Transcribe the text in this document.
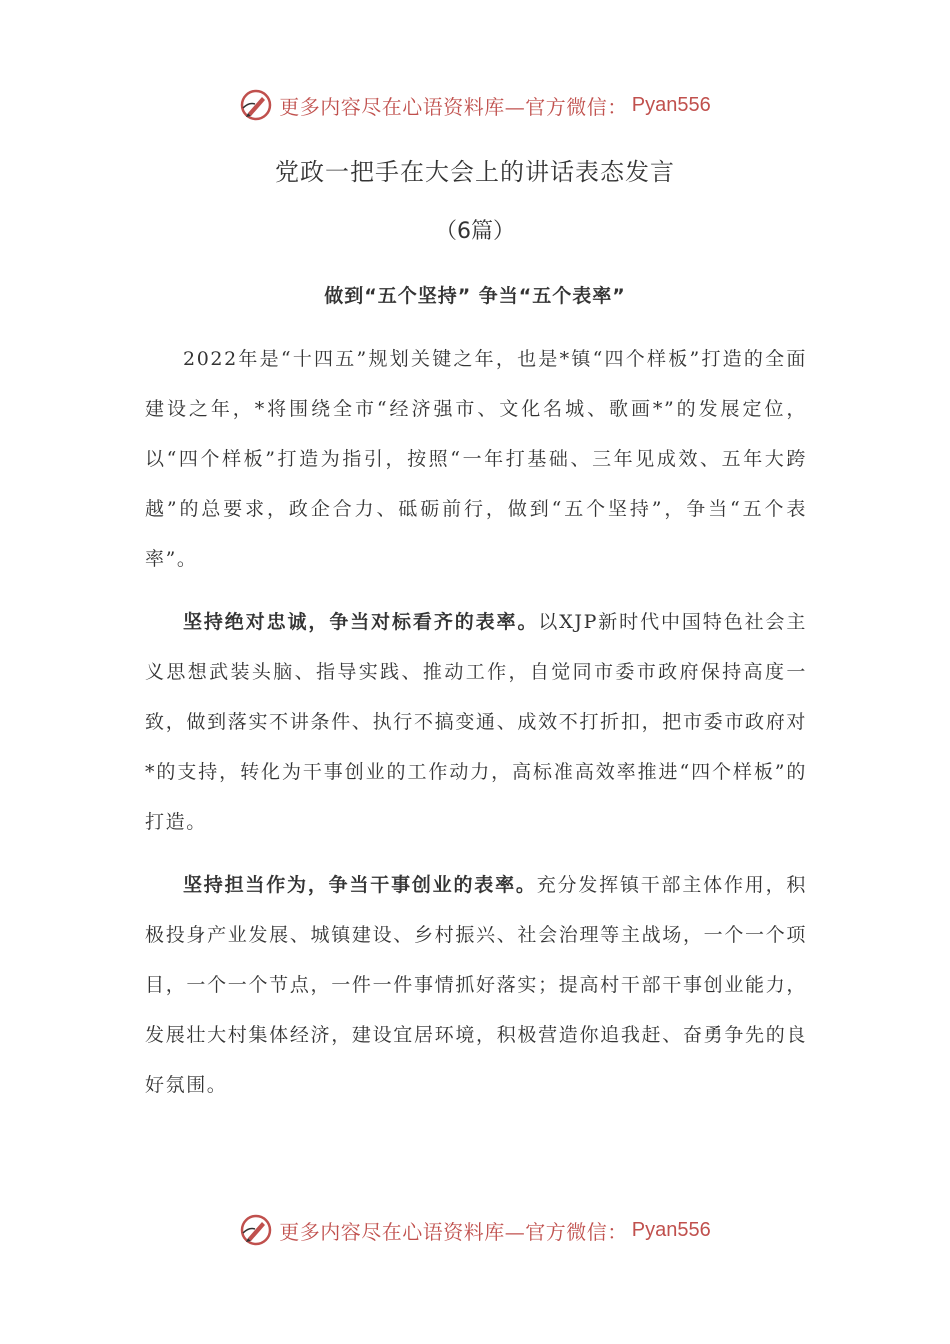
更多内容尽在心语资料库—官方微信： Pyan556
党政一把手在大会上的讲话表态发言
（6篇）
做到“五个坚持” 争当“五个表率”

2022年是“十四五”规划关键之年，也是*镇“四个样板”打造的全面建设之年，*将围绕全市“经济强市、文化名城、歌画*”的发展定位，以“四个样板”打造为指引，按照“一年打基础、三年见成效、五年大跨越”的总要求，政企合力、砥砺前行，做到“五个坚持”，争当“五个表率”。

坚持绝对忠诚，争当对标看齐的表率。以XJP新时代中国特色社会主义思想武装头脑、指导实践、推动工作，自觉同市委市政府保持高度一致，做到落实不讲条件、执行不搞变通、成效不打折扣，把市委市政府对*的支持，转化为干事创业的工作动力，高标准高效率推进“四个样板”的打造。

坚持担当作为，争当干事创业的表率。充分发挥镇干部主体作用，积极投身产业发展、城镇建设、乡村振兴、社会治理等主战场，一个一个项目，一个一个节点，一件一件事情抓好落实；提高村干部干事创业能力，发展壮大村集体经济，建设宜居环境，积极营造你追我赶、奋勇争先的良好氛围。

更多内容尽在心语资料库—官方微信： Pyan556
